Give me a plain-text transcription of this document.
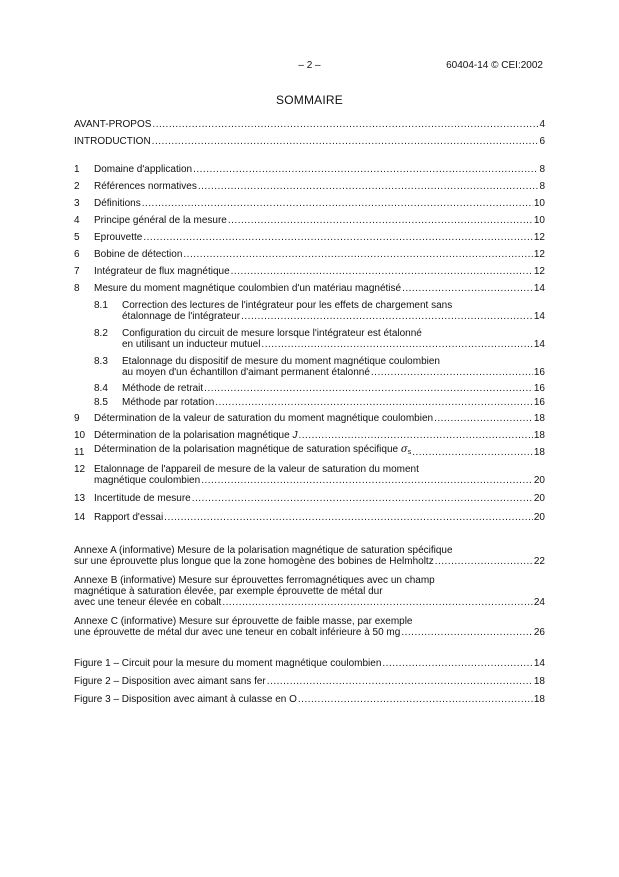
– 2 –	60404-14 © CEI:2002
SOMMAIRE
AVANT-PROPOS .....	4
INTRODUCTION .....	6
1 Domaine d'application .....	8
2 Références normatives .....	8
3 Définitions .....	10
4 Principe général de la mesure .....	10
5 Eprouvette .....	12
6 Bobine de détection .....	12
7 Intégrateur de flux magnétique .....	12
8 Mesure du moment magnétique coulombien d'un matériau magnétisé .....	14
8.1 Correction des lectures de l'intégrateur pour les effets de chargement sans
étalonnage de l'intégrateur .....	14
8.2 Configuration du circuit de mesure lorsque l'intégrateur est étalonné
en utilisant un inducteur mutuel .....	14
8.3 Etalonnage du dispositif de mesure du moment magnétique coulombien
au moyen d'un échantillon d'aimant permanent étalonné .....	16
8.4 Méthode de retrait .....	16
8.5 Méthode par rotation .....	16
9 Détermination de la valeur de saturation du moment magnétique coulombien .....	18
10 Détermination de la polarisation magnétique J .....	18
11 Détermination de la polarisation magnétique de saturation spécifique $\sigma_s$ .....	18
12 Etalonnage de l'appareil de mesure de la valeur de saturation du moment
magnétique coulombien .....	20
13 Incertitude de mesure .....	20
14 Rapport d'essai .....	20
Annexe A (informative) Mesure de la polarisation magnétique de saturation spécifique
sur une éprouvette plus longue que la zone homogène des bobines de Helmholtz .....	22
Annexe B (informative) Mesure sur éprouvettes ferromagnétiques avec un champ
magnétique à saturation élevée, par exemple éprouvette de métal dur
avec une teneur élevée en cobalt .....	24
Annexe C (informative) Mesure sur éprouvette de faible masse, par exemple
une éprouvette de métal dur avec une teneur en cobalt inférieure à 50 mg .....	26
Figure 1 – Circuit pour la mesure du moment magnétique coulombien .....	14
Figure 2 – Disposition avec aimant sans fer .....	18
Figure 3 – Disposition avec aimant à culasse en O .....	18
